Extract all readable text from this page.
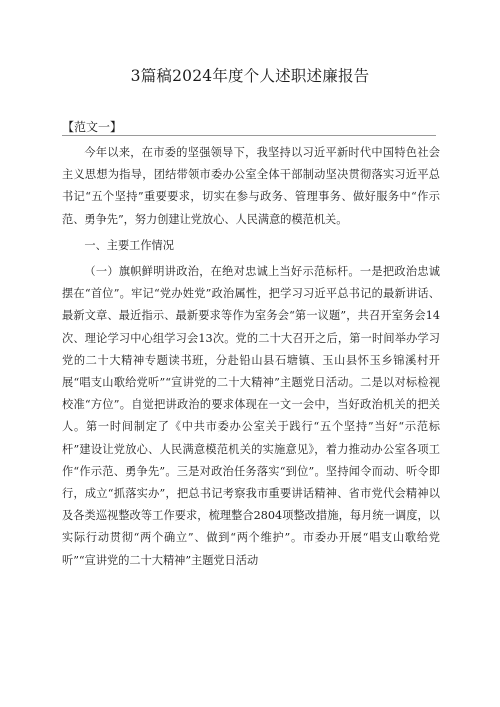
3篇稿2024年度个人述职述廉报告
【范文一】

今年以来，在市委的坚强领导下，我坚持以习近平新时代中国特色社会主义思想为指导，团结带领市委办公室全体干部制动坚决贯彻落实习近平总书记“五个坚持”重要要求，切实在参与政务、管理事务、做好服务中“作示范、勇争先”，努力创建让党放心、人民满意的模范机关。

一、主要工作情况

（一）旗帜鲜明讲政治，在绝对忠诚上当好示范标杆。一是把政治忠诚摆在“首位”。牢记“党办姓党”政治属性，把学习习近平总书记的最新讲话、最新文章、最近指示、最新要求等作为室务会“第一议题”，共召开室务会14次、理论学习中心组学习会13次。党的二十大召开之后，第一时间举办学习党的二十大精神专题读书班，分赴铅山县石塘镇、玉山县怀玉乡锦溪村开展“唱支山歌给党听”“宣讲党的二十大精神”主题党日活动。二是以对标检视校准“方位”。自觉把讲政治的要求体现在一文一会中，当好政治机关的把关人。第一时间制定了《中共市委办公室关于践行“五个坚持”当好“示范标杆”建设让党放心、人民满意模范机关的实施意见》，着力推动办公室各项工作“作示范、勇争先”。三是对政治任务落实“到位”。坚持闻令而动、听令即行，成立“抓落实办”，把总书记考察我市重要讲话精神、省市党代会精神以及各类巡视整改等工作要求，梳理整合2804项整改措施，每月统一调度，以实际行动贯彻“两个确立”、做到“两个维护”。市委办开展“唱支山歌给党听”“宣讲党的二十大精神”主题党日活动
